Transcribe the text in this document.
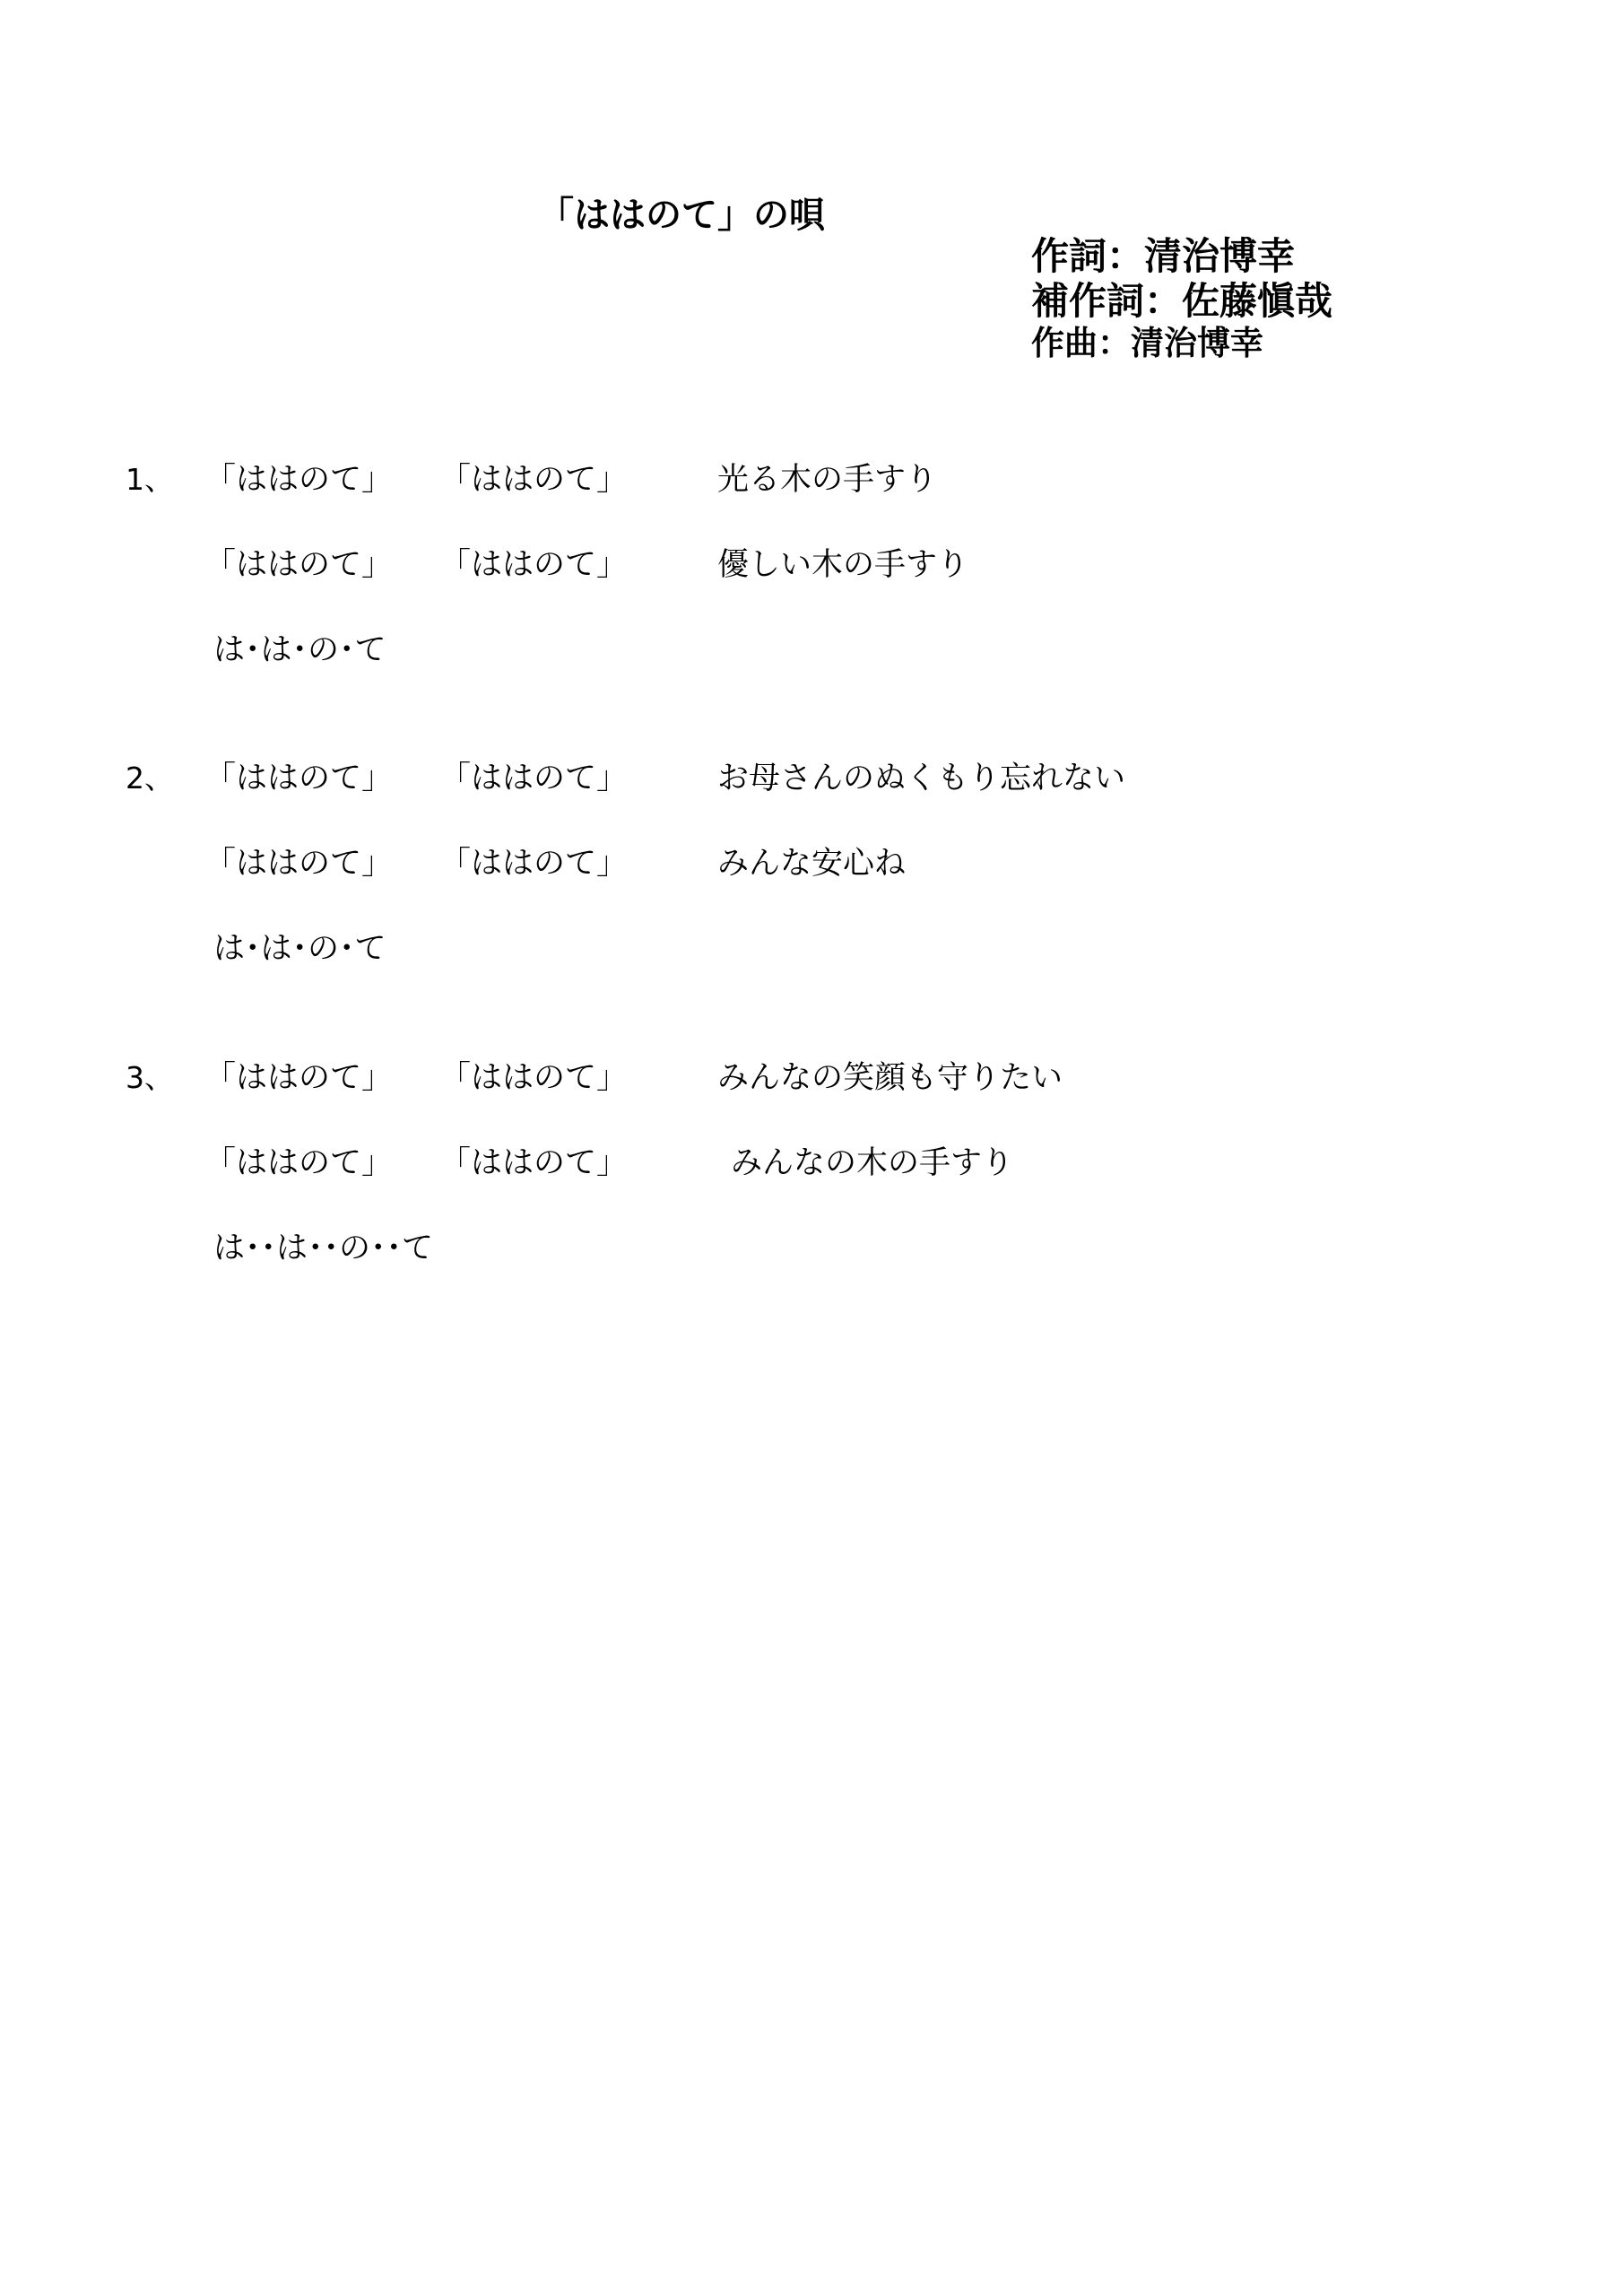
「ははのて」の唄
作詞：清治博幸
補作詞：佐藤愼哉
作曲：清治博幸
1、 「ははのて」 「ははのて」	光る木の手すり
「ははのて」 「ははのて」	優しい木の手すり
は･は･の･て
2、 「ははのて」 「ははのて」	お母さんのぬくもり忘れない
「ははのて」 「ははのて」	みんな安心ね
は･は･の･て
3、 「ははのて」 「ははのて」	みんなの笑顔も守りたい
「ははのて」 「ははのて」	みんなの木の手すり
は･･は･･の･･て
